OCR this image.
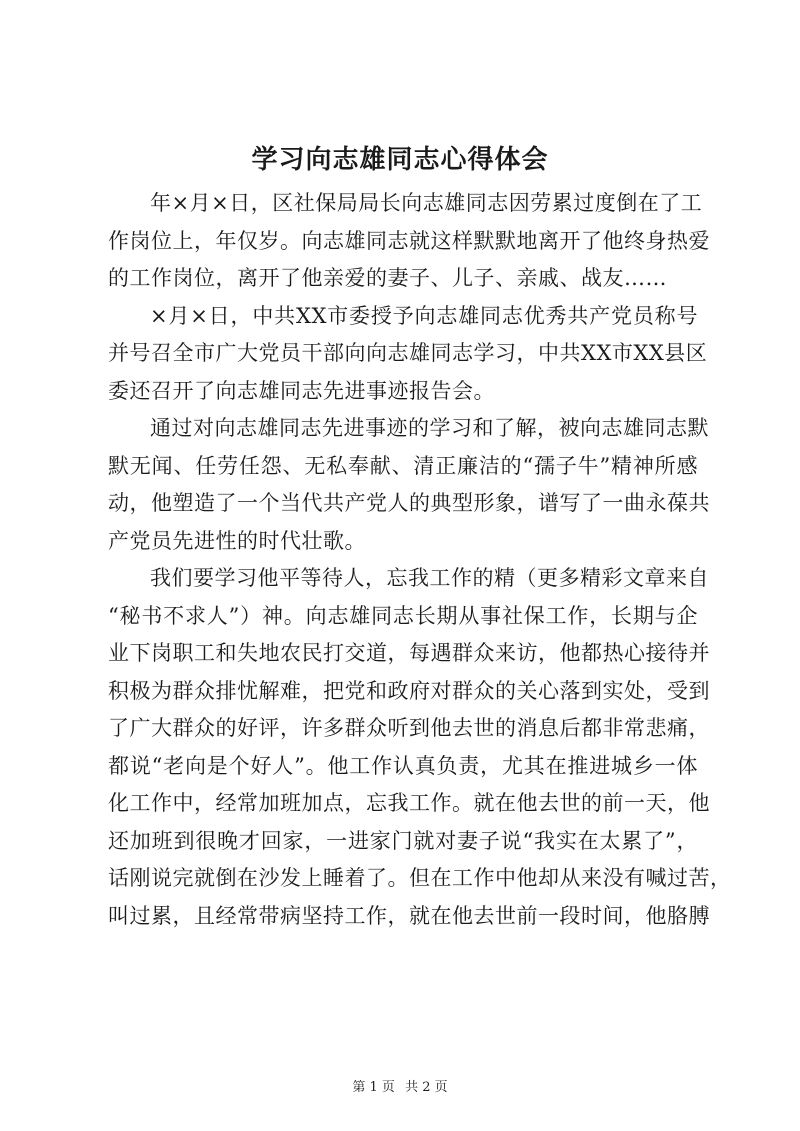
学习向志雄同志心得体会
年×月×日，区社保局局长向志雄同志因劳累过度倒在了工
作岗位上，年仅岁。向志雄同志就这样默默地离开了他终身热爱
的工作岗位，离开了他亲爱的妻子、儿子、亲戚、战友……
×月×日，中共XX市委授予向志雄同志优秀共产党员称号
并号召全市广大党员干部向向志雄同志学习，中共XX市XX县区
委还召开了向志雄同志先进事迹报告会。
通过对向志雄同志先进事迹的学习和了解，被向志雄同志默
默无闻、任劳任怨、无私奉献、清正廉洁的“孺子牛”精神所感
动，他塑造了一个当代共产党人的典型形象，谱写了一曲永葆共
产党员先进性的时代壮歌。
我们要学习他平等待人，忘我工作的精（更多精彩文章来自
“秘书不求人”）神。向志雄同志长期从事社保工作，长期与企
业下岗职工和失地农民打交道，每遇群众来访，他都热心接待并
积极为群众排忧解难，把党和政府对群众的关心落到实处，受到
了广大群众的好评，许多群众听到他去世的消息后都非常悲痛，
都说“老向是个好人”。他工作认真负责，尤其在推进城乡一体
化工作中，经常加班加点，忘我工作。就在他去世的前一天，他
还加班到很晚才回家，一进家门就对妻子说“我实在太累了”，
话刚说完就倒在沙发上睡着了。但在工作中他却从来没有喊过苦，
叫过累，且经常带病坚持工作，就在他去世前一段时间，他胳膊
第 1 页 共 2 页
